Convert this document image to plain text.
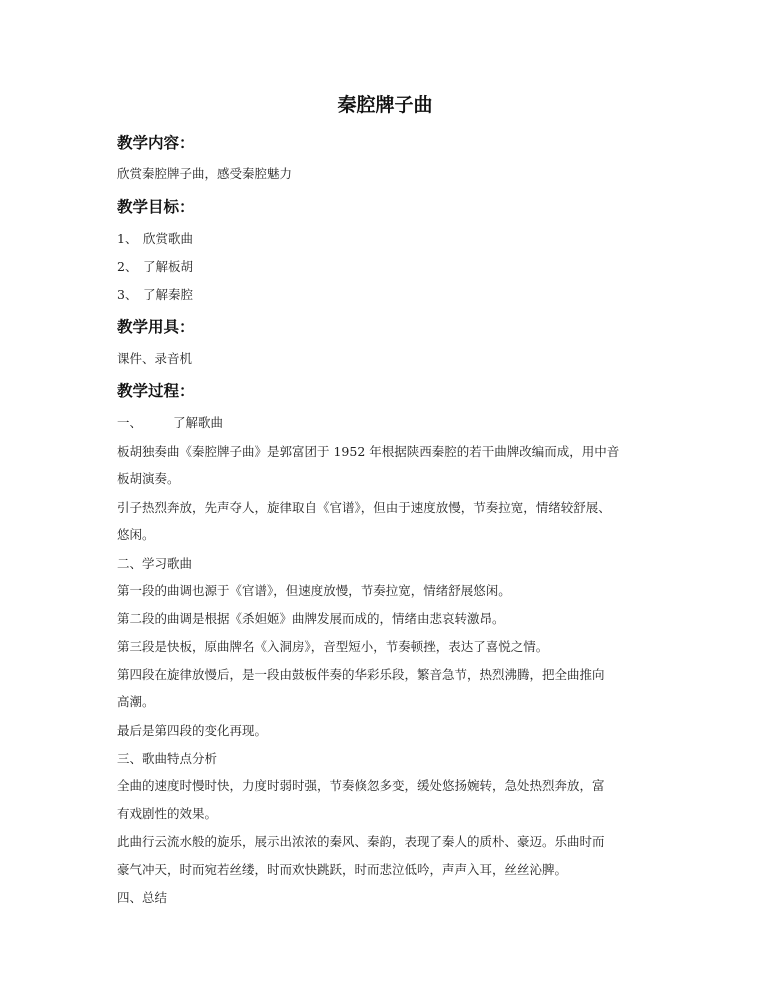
秦腔牌子曲
教学内容：
欣赏秦腔牌子曲，感受秦腔魅力
教学目标：
1、 欣赏歌曲
2、 了解板胡
3、 了解秦腔
教学用具：
课件、录音机
教学过程：
一、 了解歌曲
板胡独奏曲《秦腔牌子曲》是郭富团于 1952 年根据陕西秦腔的若干曲牌改编而成，用中音
板胡演奏。
引子热烈奔放，先声夺人，旋律取自《官谱》，但由于速度放慢，节奏拉宽，情绪较舒展、
悠闲。
二、学习歌曲
第一段的曲调也源于《官谱》，但速度放慢，节奏拉宽，情绪舒展悠闲。
第二段的曲调是根据《杀妲姬》曲牌发展而成的，情绪由悲哀转激昂。
第三段是快板，原曲牌名《入洞房》，音型短小，节奏顿挫，表达了喜悦之情。
第四段在旋律放慢后，是一段由鼓板伴奏的华彩乐段，繁音急节，热烈沸腾，把全曲推向
高潮。
最后是第四段的变化再现。
三、歌曲特点分析
全曲的速度时慢时快，力度时弱时强，节奏倏忽多变，缓处悠扬婉转，急处热烈奔放，富
有戏剧性的效果。
此曲行云流水般的旋乐，展示出浓浓的秦风、秦韵，表现了秦人的质朴、豪迈。乐曲时而
豪气冲天，时而宛若丝缕，时而欢快跳跃，时而悲泣低吟，声声入耳，丝丝沁脾。
四、总结
